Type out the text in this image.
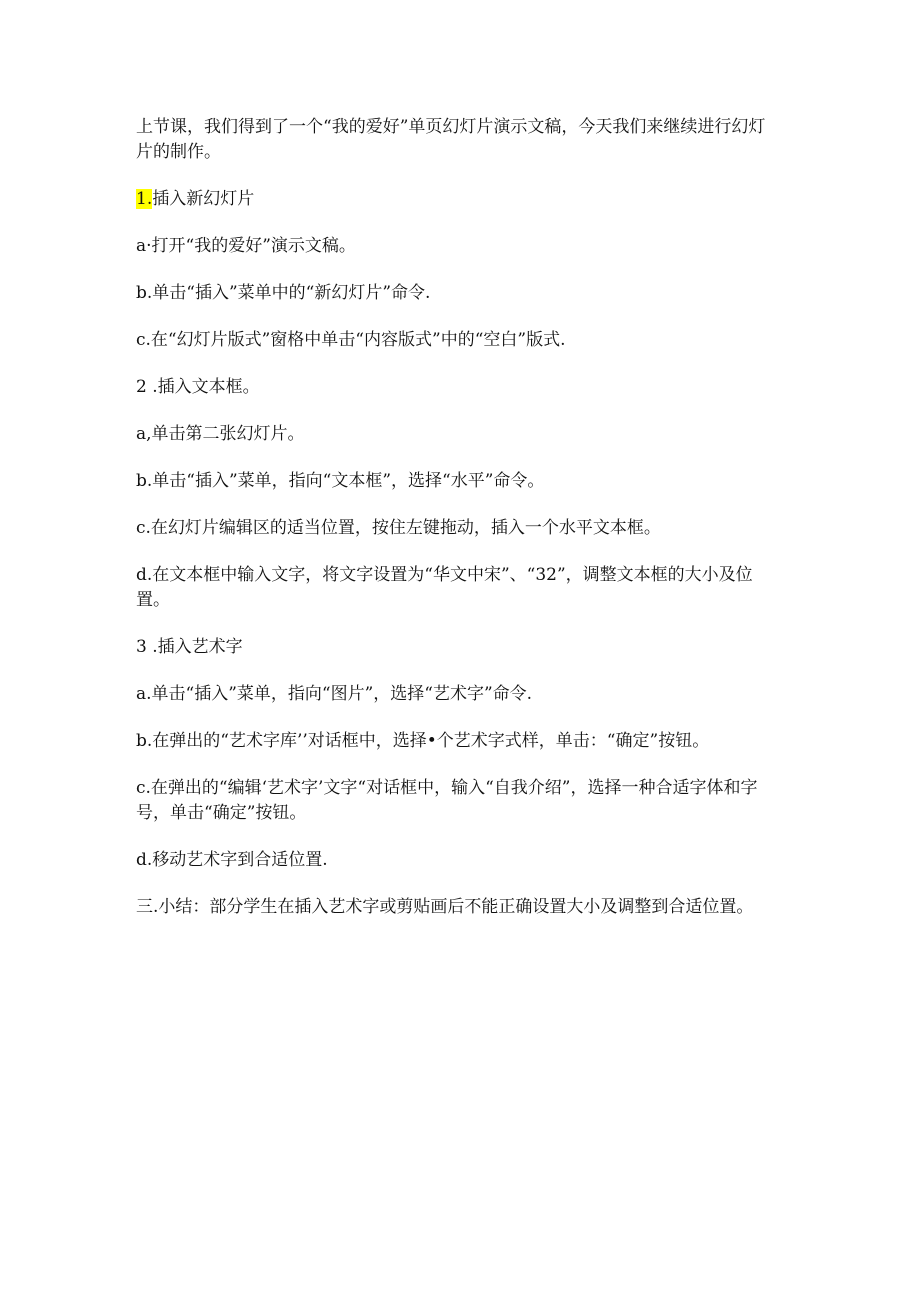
上节课，我们得到了一个“我的爱好”单页幻灯片演示文稿，今天我们来继续进行幻灯片的制作。

1.插入新幻灯片

a·打开“我的爱好”演示文稿。

b.单击“插入”菜单中的“新幻灯片”命令.

c.在“幻灯片版式”窗格中单击“内容版式”中的“空白”版式.

2 .插入文本框。

a,单击第二张幻灯片。

b.单击“插入”菜单，指向“文本框”，选择“水平”命令。

c.在幻灯片编辑区的适当位置，按住左键拖动，插入一个水平文本框。

d.在文本框中输入文字，将文字设置为“华文中宋”、“32”，调整文本框的大小及位置。

3 .插入艺术字

a.单击“插入”菜单，指向“图片”，选择“艺术字”命令.

b.在弹出的“艺术字库’’对话框中，选择•个艺术字式样，单击：“确定”按钮。

c.在弹出的“编辑‘艺术字’文字“对话框中，输入“自我介绍”，选择一种合适字体和字号，单击“确定”按钮。

d.移动艺术字到合适位置.

三.小结：部分学生在插入艺术字或剪贴画后不能正确设置大小及调整到合适位置。
